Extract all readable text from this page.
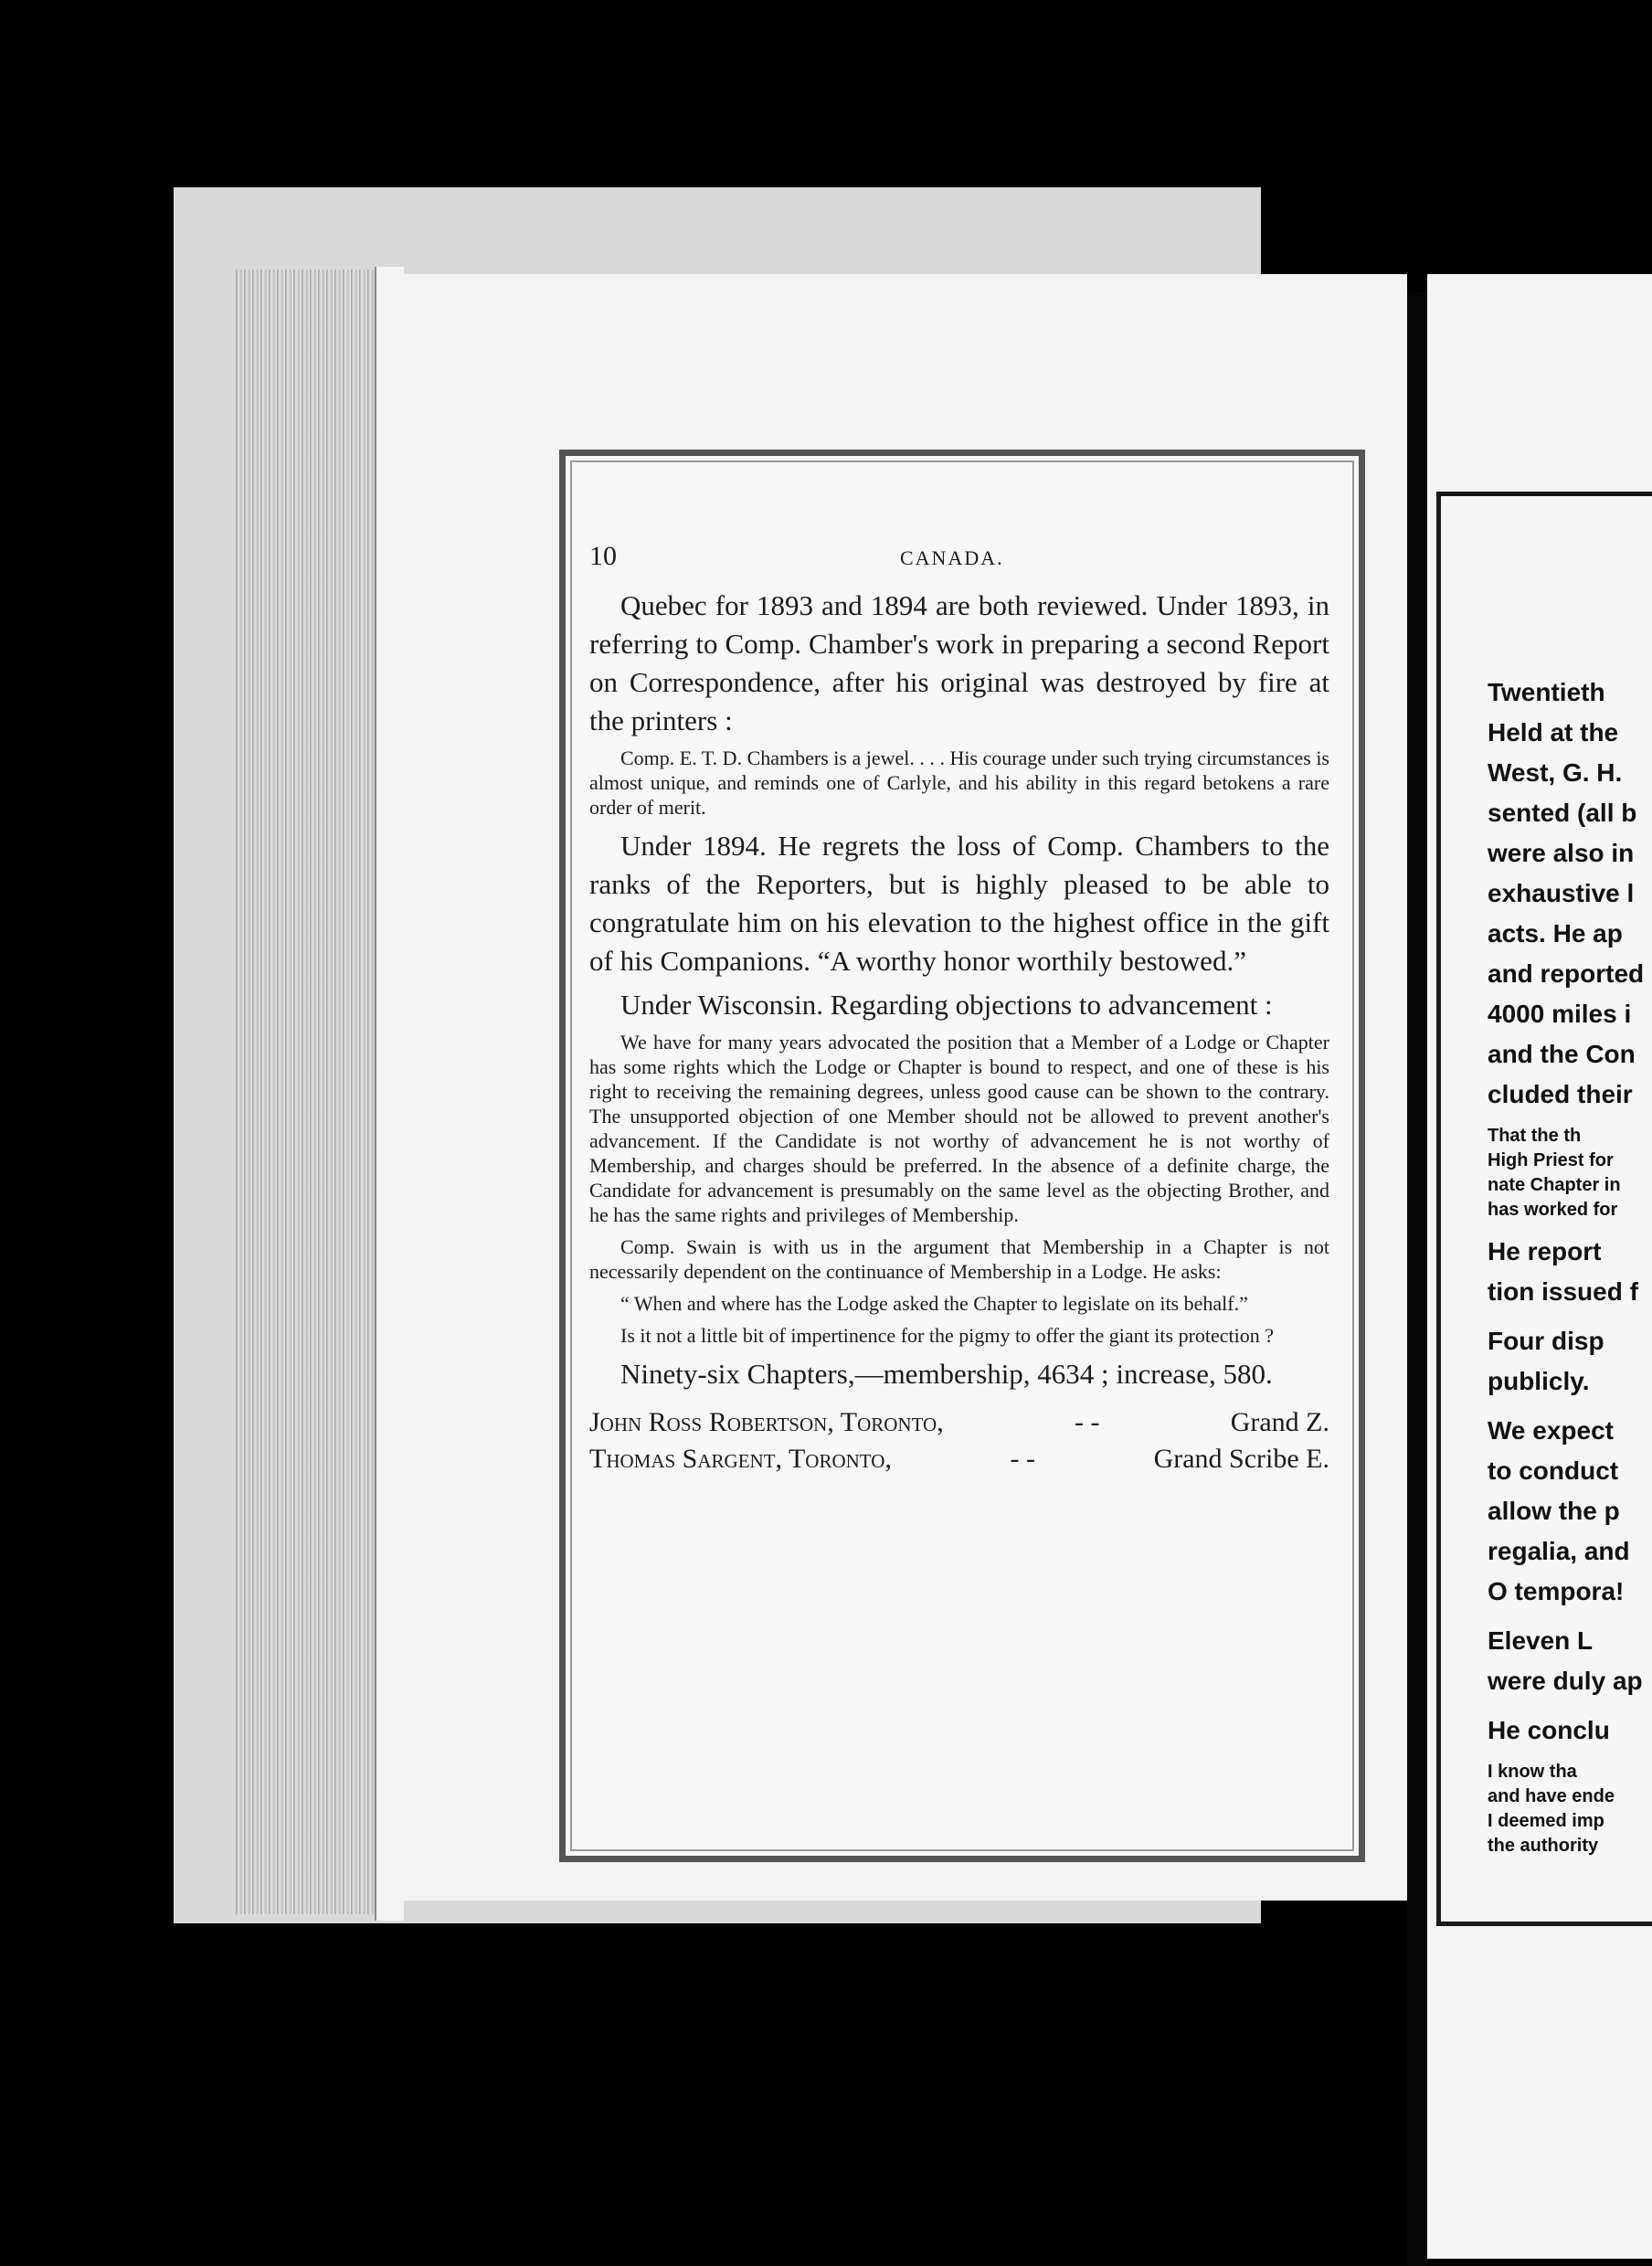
10	CANADA.

Quebec for 1893 and 1894 are both reviewed. Under 1893, in referring to Comp. Chamber's work in preparing a second Report on Correspondence, after his original was destroyed by fire at the printers :

Comp. E. T. D. Chambers is a jewel. . . . His courage under such trying circumstances is almost unique, and reminds one of Carlyle, and his ability in this regard betokens a rare order of merit.

Under 1894. He regrets the loss of Comp. Chambers to the ranks of the Reporters, but is highly pleased to be able to congratulate him on his elevation to the highest office in the gift of his Companions. “A worthy honor worthily bestowed.”

Under Wisconsin. Regarding objections to advancement :

We have for many years advocated the position that a Member of a Lodge or Chapter has some rights which the Lodge or Chapter is bound to respect, and one of these is his right to receiving the remaining degrees, unless good cause can be shown to the contrary. The unsupported objection of one Member should not be allowed to prevent another's advancement. If the Candidate is not worthy of advancement he is not worthy of Membership, and charges should be preferred. In the absence of a definite charge, the Candidate for advancement is presumably on the same level as the objecting Brother, and he has the same rights and privileges of Membership.

Comp. Swain is with us in the argument that Membership in a Chapter is not necessarily dependent on the continuance of Membership in a Lodge. He asks:

“ When and where has the Lodge asked the Chapter to legislate on its behalf.”

Is it not a little bit of impertinence for the pigmy to offer the giant its protection ?

Ninety-six Chapters,—membership, 4634 ; increase, 580.

John Ross Robertson, Toronto,	- -	Grand Z.
Thomas Sargent, Toronto,	- -	Grand Scribe E.
Twentieth
Held at the
West, G. H.
sented (all b
were also in
exhaustive l
acts. He ap
and reported
4000 miles i
and the Con
cluded their
That the th
High Priest for
nate Chapter in
has worked for
He report
tion issued f
Four disp
publicly.
We expect
to conduct
allow the p
regalia, and
O tempora!
Eleven L
were duly ap
He conclu
I know tha
and have ende
I deemed imp
the authority
